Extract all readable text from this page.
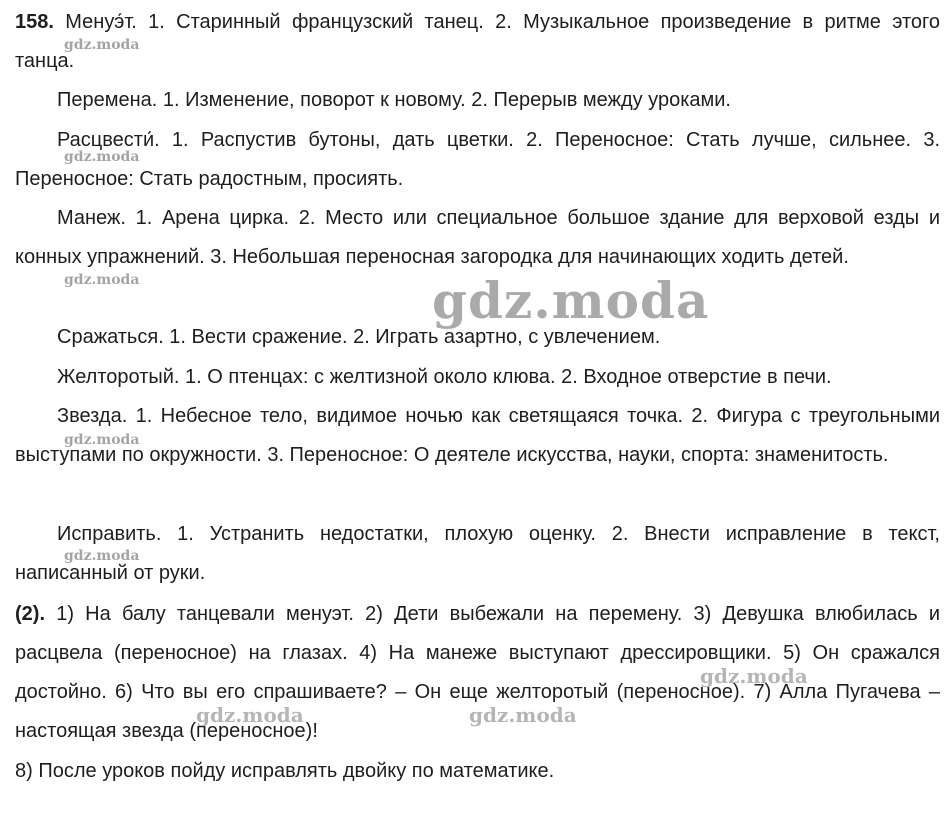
158. Менуэ́т. 1. Старинный французский танец. 2. Музыкальное произведение в ритме этого танца.

Перемена. 1. Изменение, поворот к новому. 2. Перерыв между уроками.

Расцвести́. 1. Распустив бутоны, дать цветки. 2. Переносное: Стать лучше, сильнее. 3. Переносное: Стать радостным, просиять.

Манеж. 1. Арена цирка. 2. Место или специальное большое здание для верховой езды и конных упражнений. 3. Небольшая переносная загородка для начинающих ходить детей.

Сражаться. 1. Вести сражение. 2. Играть азартно, с увлечением.

Желторотый. 1. О птенцах: с желтизной около клюва. 2. Входное отверстие в печи.

Звезда. 1. Небесное тело, видимое ночью как светящаяся точка. 2. Фигура с треугольными выступами по окружности. 3. Переносное: О деятеле искусства, науки, спорта: знаменитость.

Исправить. 1. Устранить недостатки, плохую оценку. 2. Внести исправление в текст, написанный от руки.

(2). 1) На балу танцевали менуэт. 2) Дети выбежали на перемену. 3) Девушка влюбилась и расцвела (переносное) на глазах. 4) На манеже выступают дрессировщики. 5) Он сражался достойно. 6) Что вы его спрашиваете? – Он еще желторотый (переносное). 7) Алла Пугачева – настоящая звезда (переносное)!

8) После уроков пойду исправлять двойку по математике.

gdz.moda
gdz.moda
gdz.moda
gdz.moda
gdz.moda
gdz.moda
gdz.moda
gdz.moda	gdz.moda
